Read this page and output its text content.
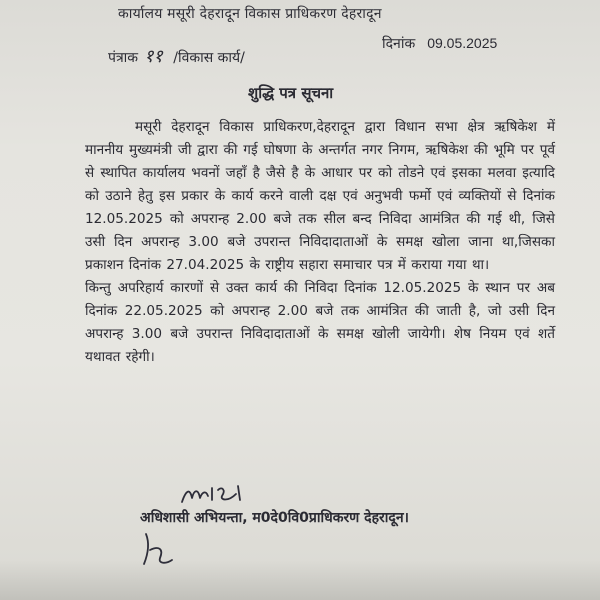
कार्यालय मसूरी देहरादून विकास प्राधिकरण देहरादून
पंत्राक ११ /विकास कार्य/
दिनांक 09.05.2025
शुद्धि पत्र सूचना

मसूरी देहरादून विकास प्राधिकरण,देहरादून द्वारा विधान सभा क्षेत्र ऋषिकेश में माननीय मुख्यमंत्री जी द्वारा की गई घोषणा के अन्तर्गत नगर निगम, ऋषिकेश की भूमि पर पूर्व से स्थापित कार्यालय भवनों जहाँ है जैसे है के आधार पर को तोडने एवं इसका मलवा इत्यादि को उठाने हेतु इस प्रकार के कार्य करने वाली दक्ष एवं अनुभवी फर्मो एवं व्यक्तियों से दिनांक 12.05.2025 को अपरान्ह 2.00 बजे तक सील बन्द निविदा आमंत्रित की गई थी, जिसे उसी दिन अपरान्ह 3.00 बजे उपरान्त निविदादाताओं के समक्ष खोला जाना था,जिसका प्रकाशन दिनांक 27.04.2025 के राष्ट्रीय सहारा समाचार पत्र में कराया गया था।

किन्तु अपरिहार्य कारणों से उक्त कार्य की निविदा दिनांक 12.05.2025 के स्थान पर अब दिनांक 22.05.2025 को अपरान्ह 2.00 बजे तक आमंत्रित की जाती है, जो उसी दिन अपरान्ह 3.00 बजे उपरान्त निविदादाताओं के समक्ष खोली जायेगी। शेष नियम एवं शर्ते यथावत रहेगी।

अधिशासी अभियन्ता, म0दे0वि0प्राधिकरण देहरादून।
